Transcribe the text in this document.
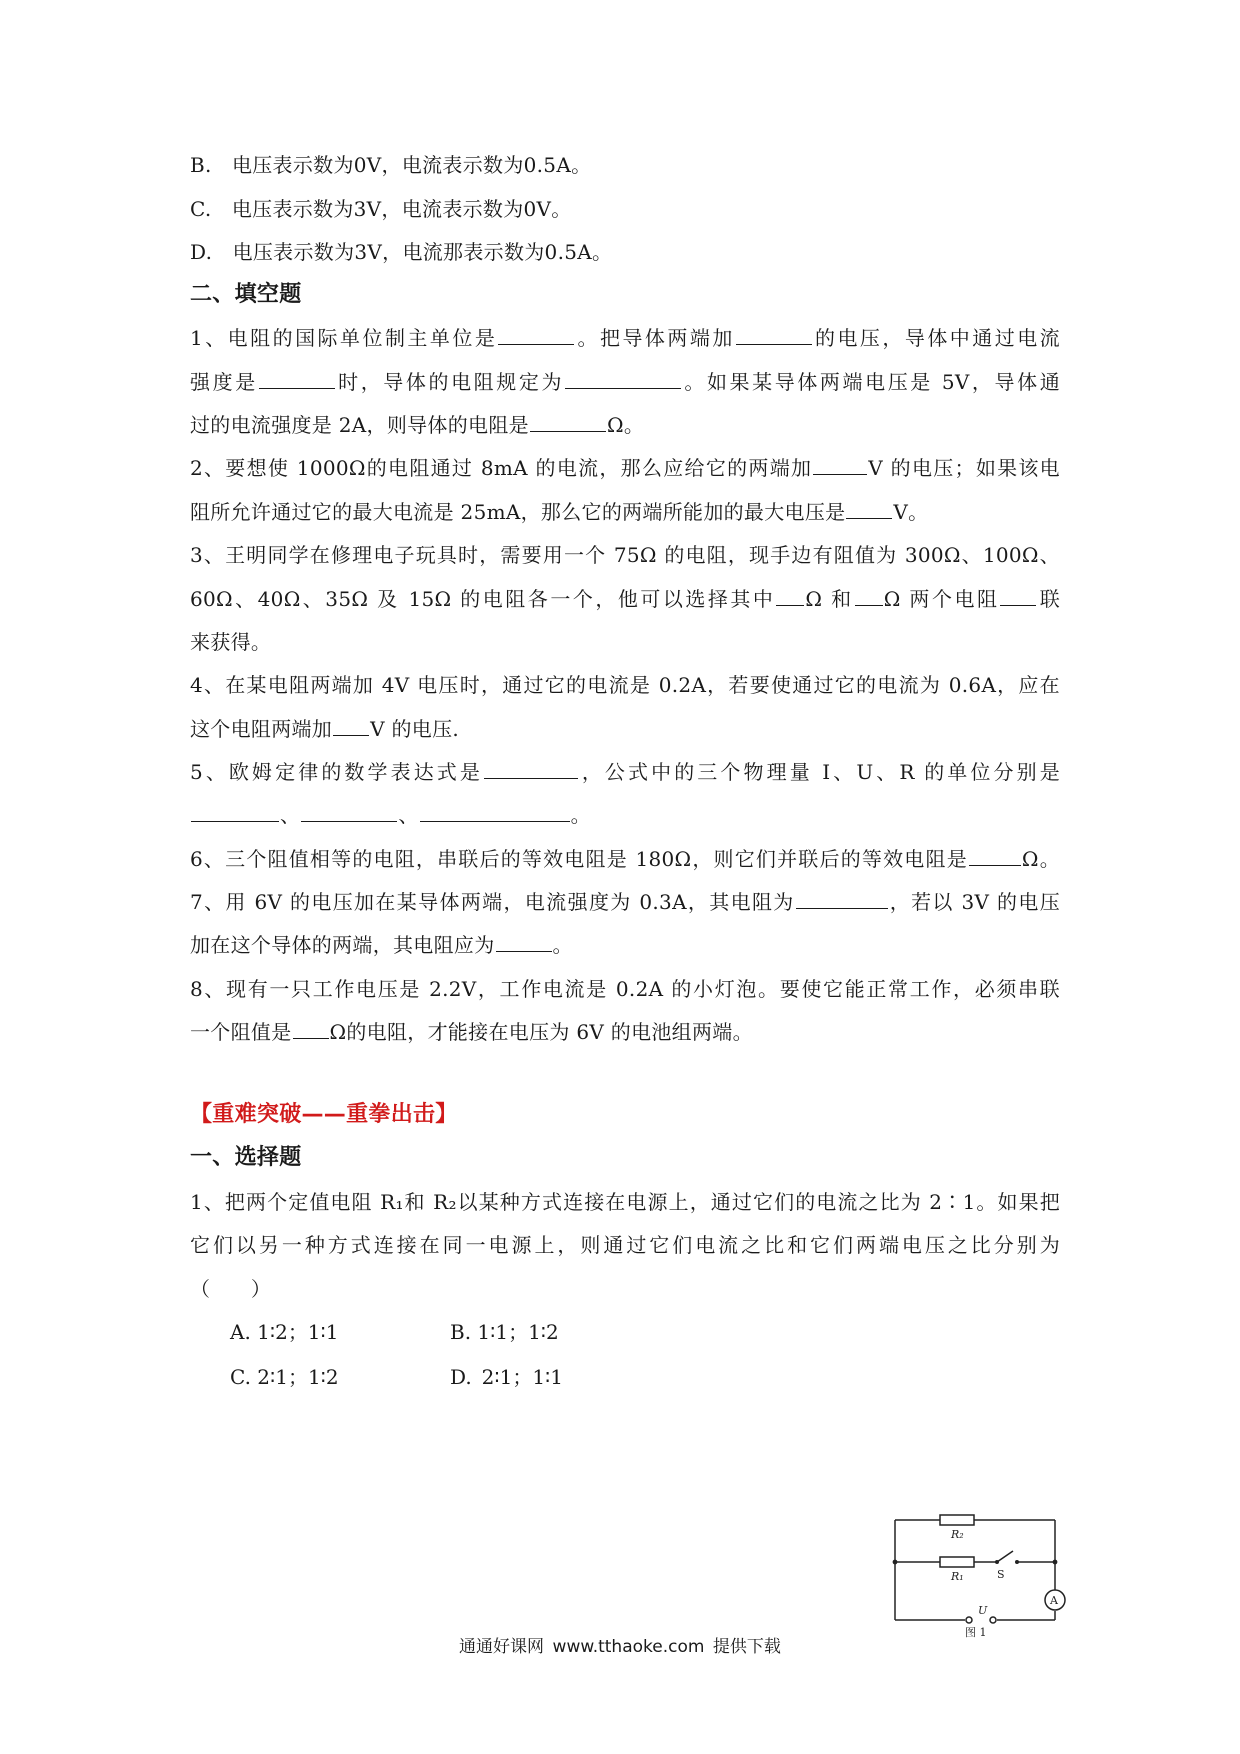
B.　电压表示数为0V，电流表示数为0.5A。
C.　电压表示数为3V，电流表示数为0V。
D.　电压表示数为3V，电流那表示数为0.5A。
二、填空题
1、电阻的国际单位制主单位是	。把导体两端加	的电压，导体中通过电流
强度是	时，导体的电阻规定为	。如果某导体两端电压是 5V，导体通
过的电流强度是 2A，则导体的电阻是	Ω。
2、要想使 1000Ω的电阻通过 8mA 的电流，那么应给它的两端加	V 的电压；如果该电
阻所允许通过它的最大电流是 25mA，那么它的两端所能加的最大电压是 V。
3、王明同学在修理电子玩具时，需要用一个 75Ω 的电阻，现手边有阻值为 300Ω、100Ω、
60Ω、40Ω、35Ω 及 15Ω 的电阻各一个，他可以选择其中 Ω 和 Ω 两个电阻 联
来获得。
4、在某电阻两端加 4V 电压时，通过它的电流是 0.2A，若要使通过它的电流为 0.6A，应在
这个电阻两端加 V 的电压.
5、欧姆定律的数学表达式是	，公式中的三个物理量 I、U、R 的单位分别是
、	、	。
6、三个阻值相等的电阻，串联后的等效电阻是 180Ω，则它们并联后的等效电阻是	Ω。
7、用 6V 的电压加在某导体两端，电流强度为 0.3A，其电阻为	，若以 3V 的电压
加在这个导体的两端，其电阻应为	。
8、现有一只工作电压是 2.2V，工作电流是 0.2A 的小灯泡。要使它能正常工作，必须串联
一个阻值是 Ω的电阻，才能接在电压为 6V 的电池组两端。
【重难突破——重拳出击】
一、选择题
1、把两个定值电阻 R₁和 R₂以某种方式连接在电源上，通过它们的电流之比为 2∶1。如果把
它们以另一种方式连接在同一电源上，则通过它们电流之比和它们两端电压之比分别为
（　　）
A. 1∶2；1∶1	B. 1∶1；1∶2
C. 2∶1；1∶2	D. 2∶1；1∶1
R₂
R₁	S
A
U
图 1
通通好课网 www.tthaoke.com 提供下载
